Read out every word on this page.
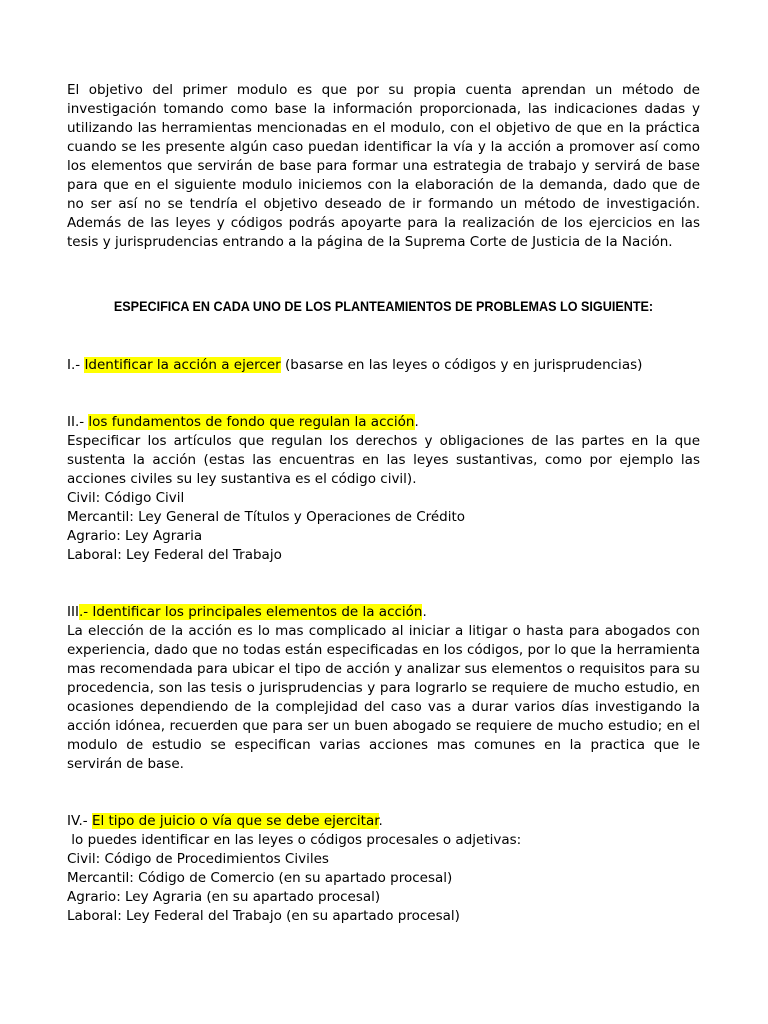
El objetivo del primer modulo es que por su propia cuenta aprendan un método de investigación tomando como base la información proporcionada, las indicaciones dadas y utilizando las herramientas mencionadas en el modulo, con el objetivo de que en la práctica cuando se les presente algún caso puedan identificar la vía y la acción a promover así como los elementos que servirán de base para formar una estrategia de trabajo y servirá de base para que en el siguiente modulo iniciemos con la elaboración de la demanda, dado que de no ser así no se tendría el objetivo deseado de ir formando un método de investigación. Además de las leyes y códigos podrás apoyarte para la realización de los ejercicios en las tesis y jurisprudencias entrando a la página de la Suprema Corte de Justicia de la Nación.

ESPECIFICA EN CADA UNO DE LOS PLANTEAMIENTOS DE PROBLEMAS LO SIGUIENTE:
I.- Identificar la acción a ejercer (basarse en las leyes o códigos y en jurisprudencias)
II.- los fundamentos de fondo que regulan la acción.

Especificar los artículos que regulan los derechos y obligaciones de las partes en la que sustenta la acción (estas las encuentras en las leyes sustantivas, como por ejemplo las acciones civiles su ley sustantiva es el código civil).

Civil: Código Civil
Mercantil: Ley General de Títulos y Operaciones de Crédito
Agrario: Ley Agraria
Laboral: Ley Federal del Trabajo
III.- Identificar los principales elementos de la acción.

La elección de la acción es lo mas complicado al iniciar a litigar o hasta para abogados con experiencia, dado que no todas están especificadas en los códigos, por lo que la herramienta mas recomendada para ubicar el tipo de acción y analizar sus elementos o requisitos para su procedencia, son las tesis o jurisprudencias y para lograrlo se requiere de mucho estudio, en ocasiones dependiendo de la complejidad del caso vas a durar varios días investigando la acción idónea, recuerden que para ser un buen abogado se requiere de mucho estudio; en el modulo de estudio se especifican varias acciones mas comunes en la practica que le servirán de base.

IV.- El tipo de juicio o vía que se debe ejercitar.
lo puedes identificar en las leyes o códigos procesales o adjetivas:
Civil: Código de Procedimientos Civiles
Mercantil: Código de Comercio (en su apartado procesal)
Agrario: Ley Agraria (en su apartado procesal)
Laboral: Ley Federal del Trabajo (en su apartado procesal)
